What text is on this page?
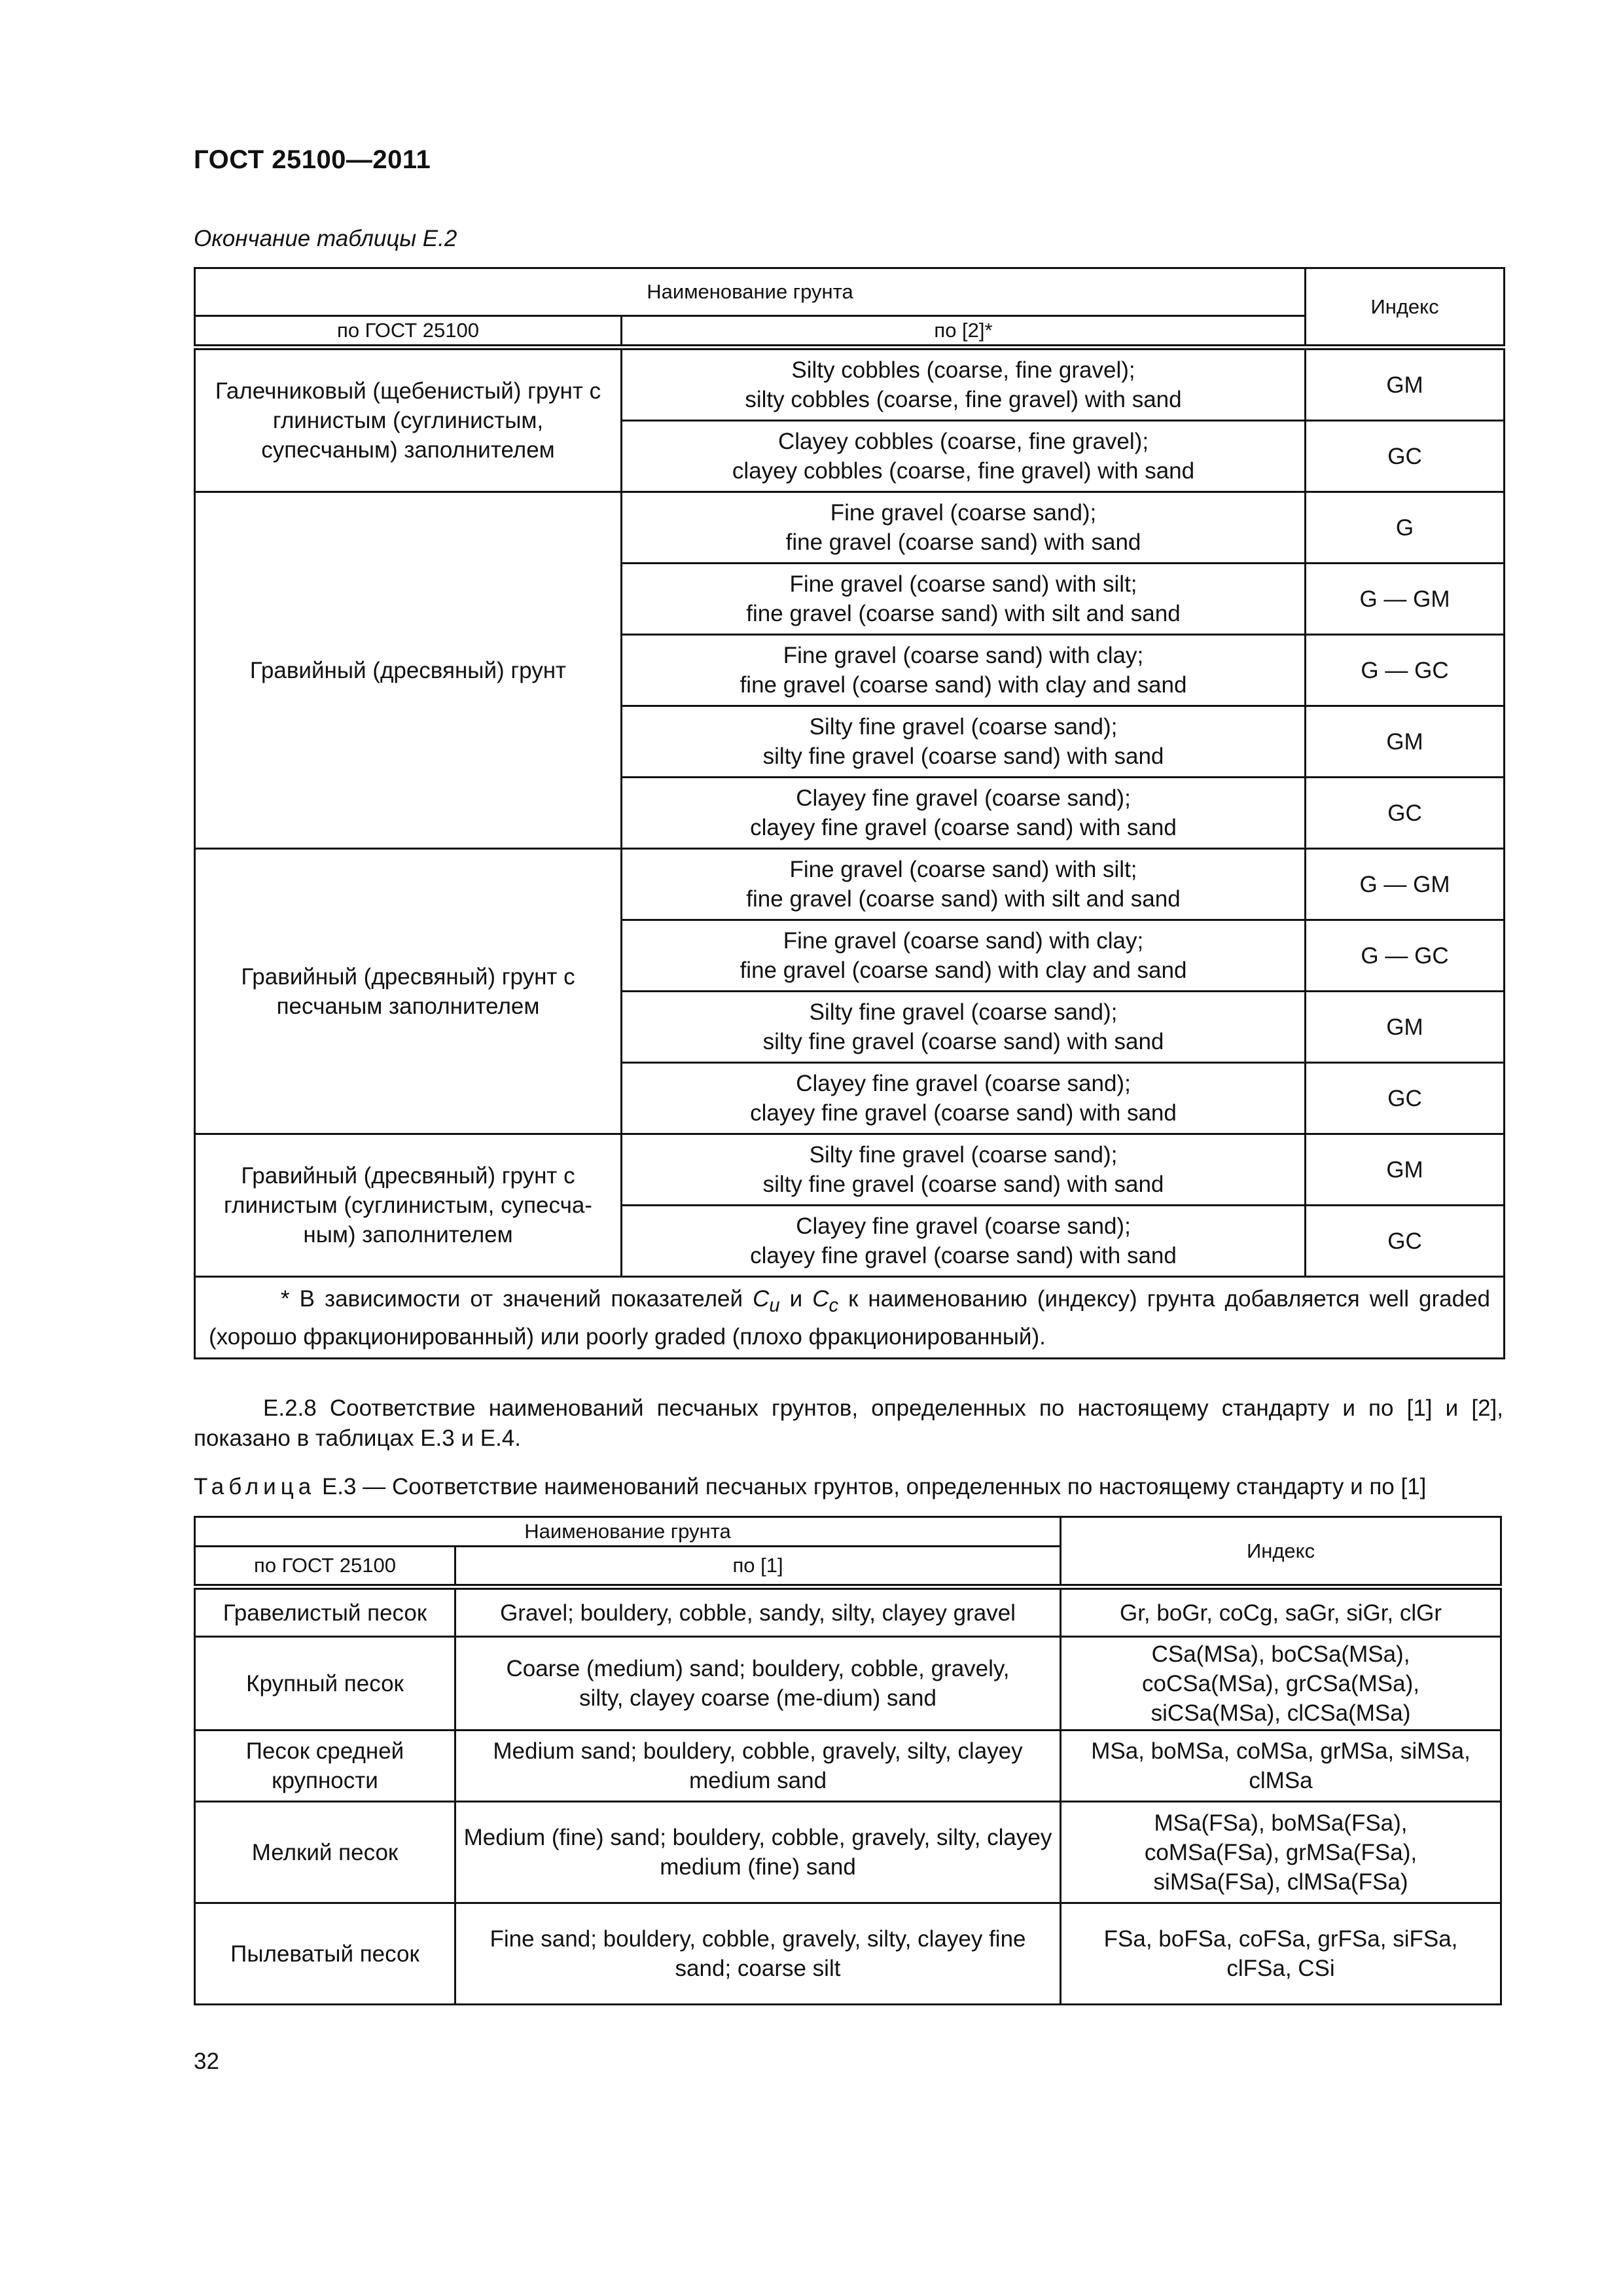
ГОСТ 25100—2011
Окончание таблицы Е.2
Наименование грунта		Индекс
по ГОСТ 25100	по [2]*	
Галечниковый (щебенистый) грунт с глинистым (суглинистым, супесчаным) заполнителем	Silty cobbles (coarse, fine gravel);
silty cobbles (coarse, fine gravel) with sand	GM

	Clayey cobbles (coarse, fine gravel);
clayey cobbles (coarse, fine gravel) with sand	GC
Гравийный (дресвяный) грунт	Fine gravel (coarse sand);
fine gravel (coarse sand) with sand	G

	Fine gravel (coarse sand) with silt;
fine gravel (coarse sand) with silt and sand	G — GM

	Fine gravel (coarse sand) with clay;
fine gravel (coarse sand) with clay and sand	G — GC

	Silty fine gravel (coarse sand);
silty fine gravel (coarse sand) with sand	GM

	Clayey fine gravel (coarse sand);
clayey fine gravel (coarse sand) with sand	GC
Гравийный (дресвяный) грунт с песчаным заполнителем	Fine gravel (coarse sand) with silt;
fine gravel (coarse sand) with silt and sand	G — GM

	Fine gravel (coarse sand) with clay;
fine gravel (coarse sand) with clay and sand	G — GC

	Silty fine gravel (coarse sand);
silty fine gravel (coarse sand) with sand	GM

	Clayey fine gravel (coarse sand);
clayey fine gravel (coarse sand) with sand	GC
Гравийный (дресвяный) грунт с глинистым (суглинистым, супесча-ным) заполнителем	Silty fine gravel (coarse sand);
silty fine gravel (coarse sand) with sand	GM

	Clayey fine gravel (coarse sand);
clayey fine gravel (coarse sand) with sand	GC
* В зависимости от значений показателей $C_u$ и $C_c$ к наименованию (индексу) грунта добавляется well graded (хорошо фракционированный) или poorly graded (плохо фракционированный).		
Е.2.8 Соответствие наименований песчаных грунтов, определенных по настоящему стандарту и по [1] и [2], показано в таблицах Е.3 и Е.4.
Таблица Е.3 — Соответствие наименований песчаных грунтов, определенных по настоящему стандарту и по [1]
Наименование грунта		Индекс
по ГОСТ 25100	по [1]	
Гравелистый песок	Gravel; bouldery, cobble, sandy, silty, clayey gravel	Gr, boGr, coCg, saGr, siGr, clGr
Крупный песок	Coarse (medium) sand; bouldery, cobble, gravely, silty, clayey coarse (me-dium) sand	CSa(MSa), boCSa(MSa), coCSa(MSa), grCSa(MSa), siCSa(MSa), clCSa(MSa)
Песок средней крупности	Medium sand; bouldery, cobble, gravely, silty, clayey medium sand	MSa, boMSa, coMSa, grMSa, siMSa, clMSa
Мелкий песок	Medium (fine) sand; bouldery, cobble, gravely, silty, clayey medium (fine) sand	MSa(FSa), boMSa(FSa), coMSa(FSa), grMSa(FSa), siMSa(FSa), clMSa(FSa)
Пылеватый песок	Fine sand; bouldery, cobble, gravely, silty, clayey fine sand; coarse silt	FSa, boFSa, coFSa, grFSa, siFSa, clFSa, CSi
32
